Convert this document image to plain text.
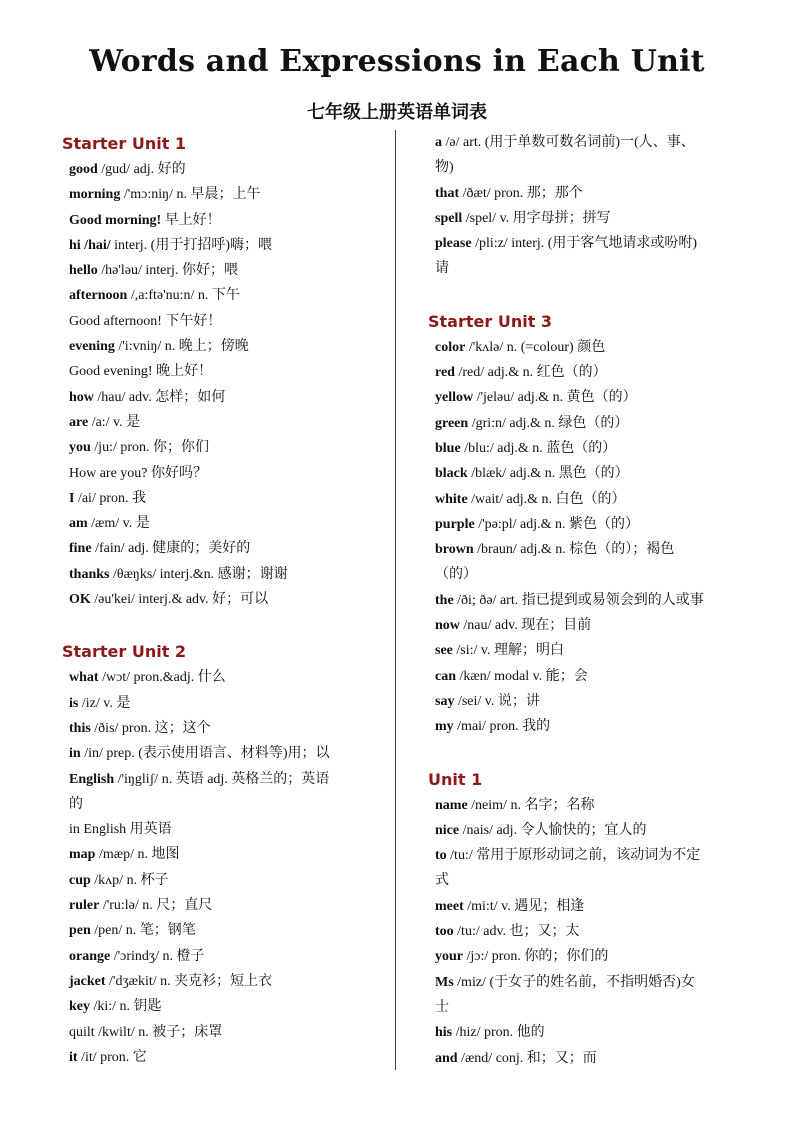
Words and Expressions in Each Unit
七年级上册英语单词表
Starter Unit 1
good /gud/ adj. 好的
morning /'mɔ:niŋ/ n. 早晨；上午
Good morning! 早上好！
hi /hai/ interj. (用于打招呼)嗨；喂
hello /hə'ləu/ interj. 你好；喂
afternoon /,a:ftə'nu:n/ n. 下午
Good afternoon! 下午好！
evening /'i:vniŋ/ n. 晚上；傍晚
Good evening! 晚上好！
how /hau/ adv. 怎样；如何
are /a:/ v. 是
you /ju:/ pron. 你；你们
How are you? 你好吗？
I /ai/ pron. 我
am /æm/ v. 是
fine /fain/ adj. 健康的；美好的
thanks /θæŋks/ interj.&n. 感谢；谢谢
OK /əu'kei/ interj.& adv. 好；可以
Starter Unit 2
what /wɔt/ pron.&adj. 什么
is /iz/ v. 是
this /ðis/ pron. 这；这个
in /in/ prep. (表示使用语言、材料等)用；以
English /'iŋgliʃ/ n. 英语 adj. 英格兰的；英语
的
in English 用英语
map /mæp/ n. 地图
cup /kʌp/ n. 杯子
ruler /'ru:lə/ n. 尺；直尺
pen /pen/ n. 笔；钢笔
orange /'ɔrindʒ/ n. 橙子
jacket /'dʒækit/ n. 夹克衫；短上衣
key /ki:/ n. 钥匙
quilt /kwilt/ n. 被子；床罩
it /it/ pron. 它
a /ə/ art. (用于单数可数名词前)一(人、事、
物)
that /ðæt/ pron. 那；那个
spell /spel/ v. 用字母拼；拼写
please /pli:z/ interj. (用于客气地请求或吩咐)
请
Starter Unit 3
color /'kʌlə/ n. (=colour) 颜色
red /red/ adj.& n. 红色（的）
yellow /'jeləu/ adj.& n. 黄色（的）
green /gri:n/ adj.& n. 绿色（的）
blue /blu:/ adj.& n. 蓝色（的）
black /blæk/ adj.& n. 黑色（的）
white /wait/ adj.& n. 白色（的）
purple /'pə:pl/ adj.& n. 紫色（的）
brown /braun/ adj.& n. 棕色（的）；褐色
（的）
the /ði; ðə/ art. 指已提到或易领会到的人或事
now /nau/ adv. 现在；目前
see /si:/ v. 理解；明白
can /kæn/ modal v. 能；会
say /sei/ v. 说；讲
my /mai/ pron. 我的
Unit 1
name /neim/ n. 名字；名称
nice /nais/ adj. 令人愉快的；宜人的
to /tu:/ 常用于原形动词之前，该动词为不定
式
meet /mi:t/ v. 遇见；相逢
too /tu:/ adv. 也；又；太
your /jɔ:/ pron. 你的；你们的
Ms /miz/ (于女子的姓名前，不指明婚否)女
士
his /hiz/ pron. 他的
and /ænd/ conj. 和；又；而
